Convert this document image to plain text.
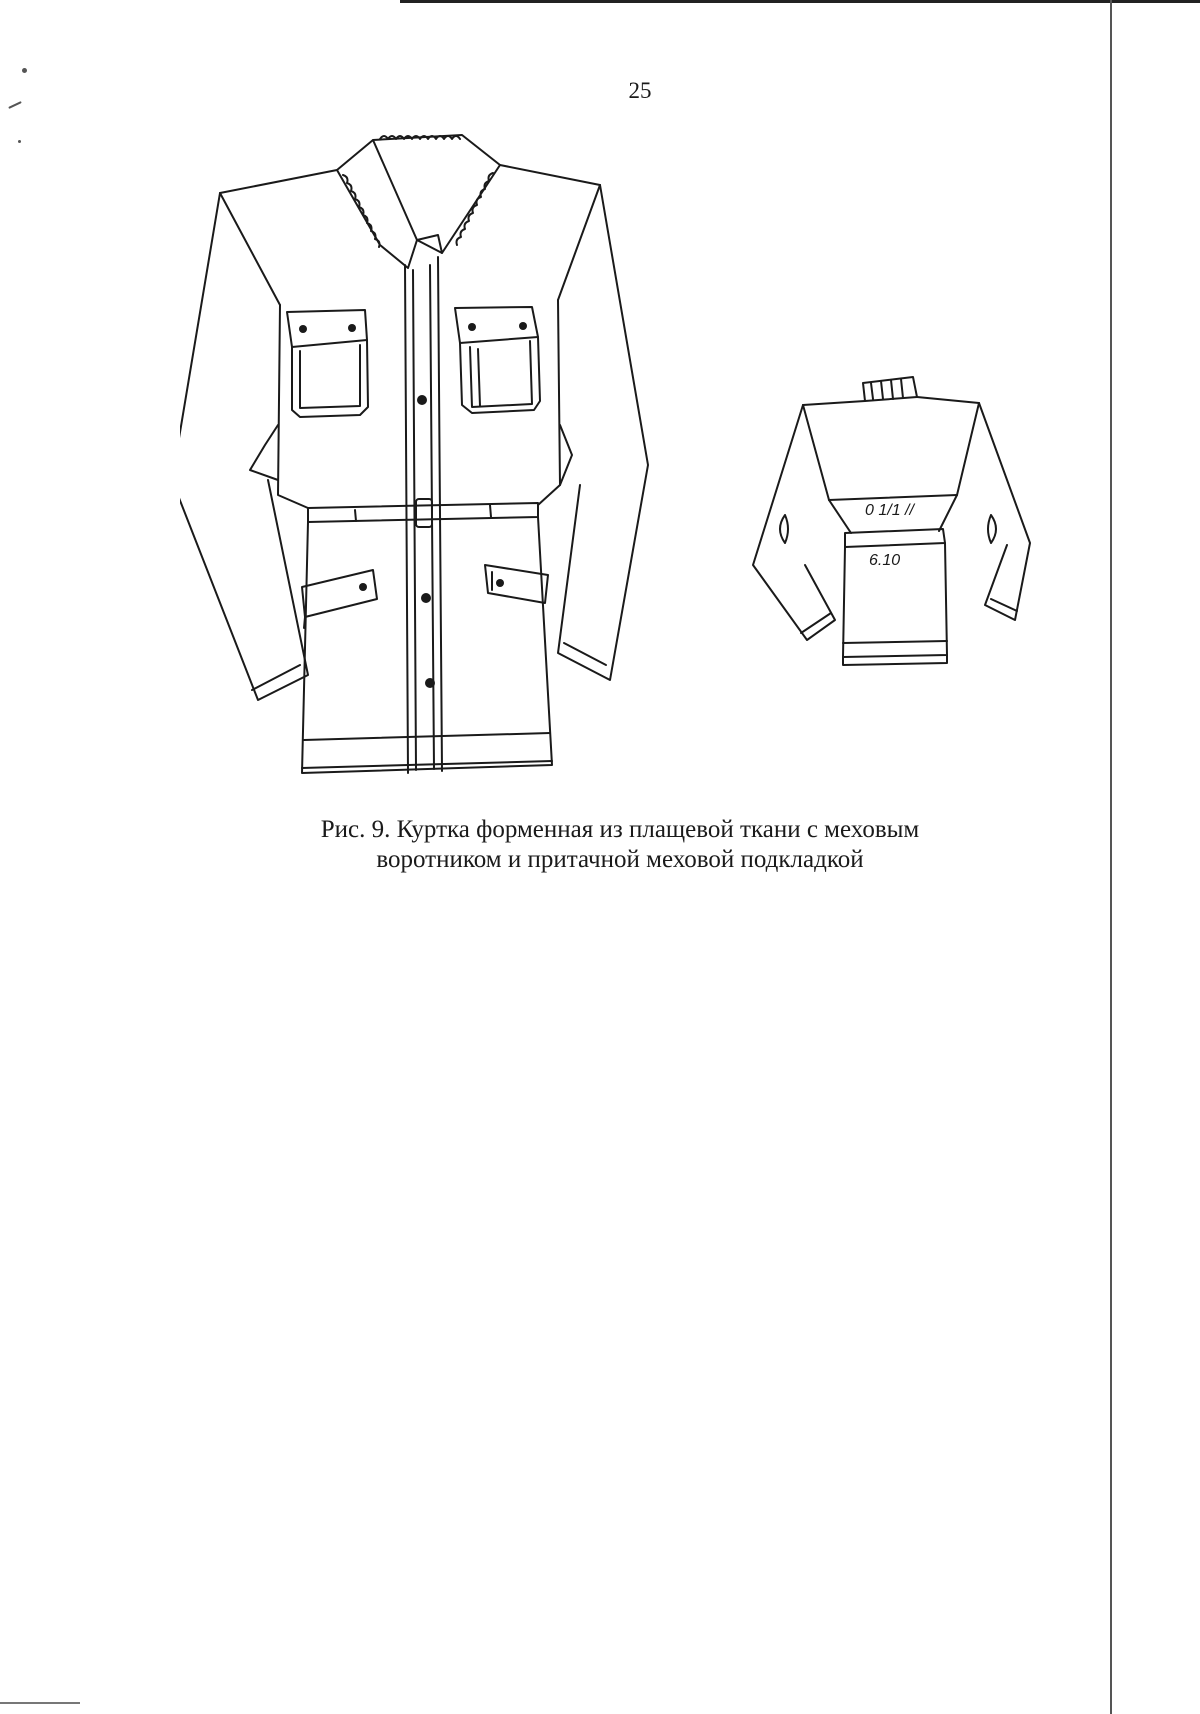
25
0 1/1 //
6.10
Рис. 9. Куртка форменная из плащевой ткани с меховым
воротником и притачной меховой подкладкой
